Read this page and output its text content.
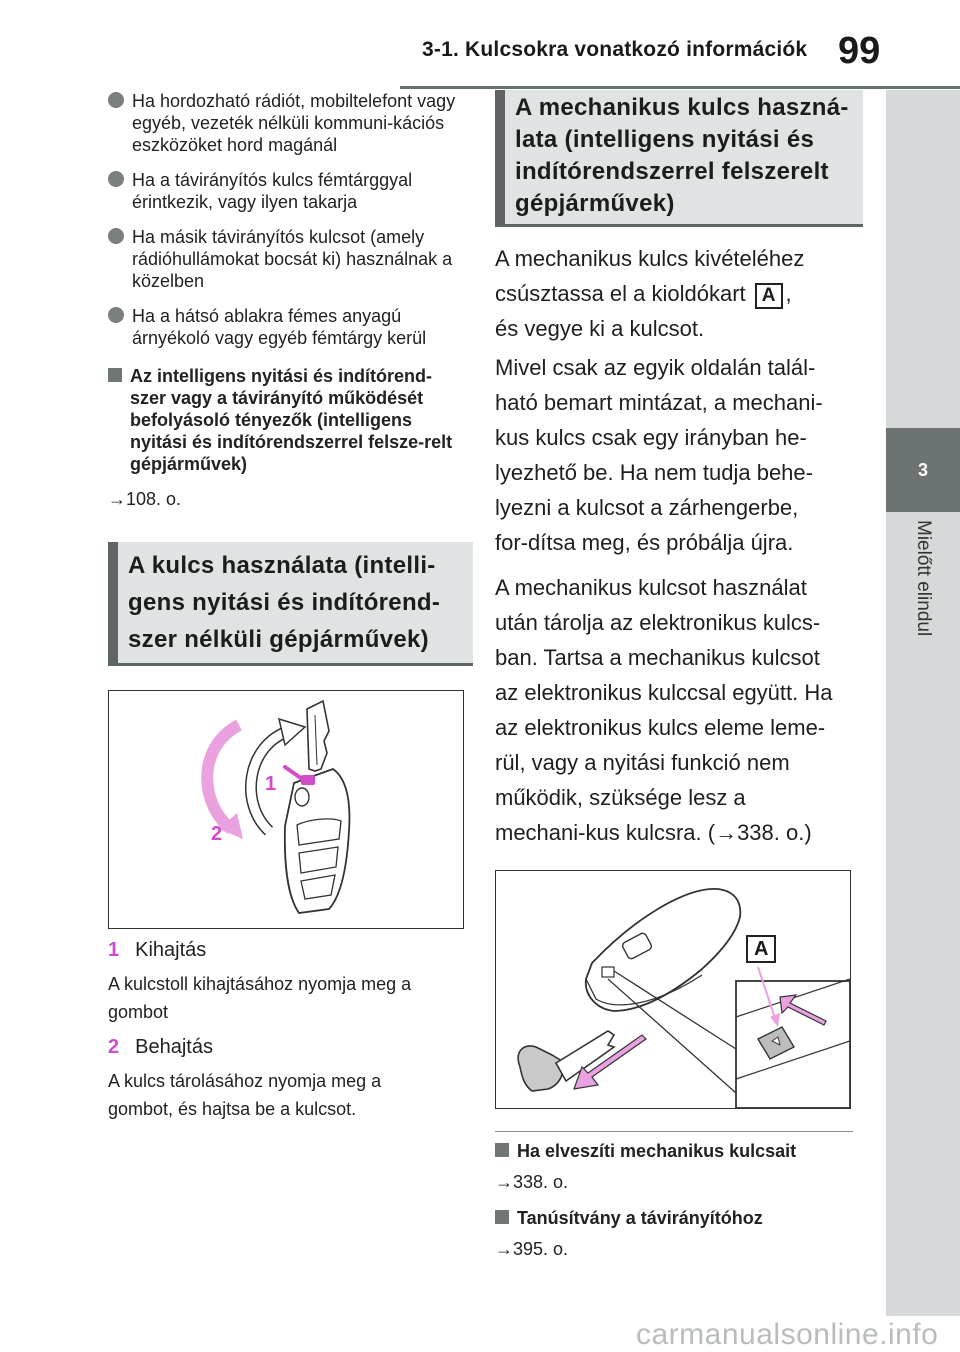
3-1. Kulcsokra vonatkozó információk 99
3
Mielőtt elindul
Ha hordozható rádiót, mobiltelefont vagy egyéb, vezeték nélküli kommuni-kációs eszközöket hord magánál
Ha a távirányítós kulcs fémtárggyal érintkezik, vagy ilyen takarja
Ha másik távirányítós kulcsot (amely rádióhullámokat bocsát ki) használnak a közelben
Ha a hátsó ablakra fémes anyagú árnyékoló vagy egyéb fémtárgy kerül
Az intelligens nyitási és indítórend-szer vagy a távirányító működését befolyásoló tényezők (intelligens nyitási és indítórendszerrel felsze-relt gépjárművek)
→108. o.
A kulcs használata (intelli-gens nyitási és indítórend-szer nélküli gépjárművek)
1
2
1 Kihajtás
A kulcstoll kihajtásához nyomja meg a gombot
2 Behajtás
A kulcs tárolásához nyomja meg a gombot, és hajtsa be a kulcsot.
A mechanikus kulcs haszná-lata (intelligens nyitási és indítórendszerrel felszerelt gépjárművek)
A mechanikus kulcs kivételéhez csúsztassa el a kioldókart A , és vegye ki a kulcsot.
Mivel csak az egyik oldalán talál-ható bemart mintázat, a mechani-kus kulcs csak egy irányban he-lyezhető be. Ha nem tudja behe-lyezni a kulcsot a zárhengerbe, for-dítsa meg, és próbálja újra.
A mechanikus kulcsot használat után tárolja az elektronikus kulcs-ban. Tartsa a mechanikus kulcsot az elektronikus kulccsal együtt. Ha az elektronikus kulcs eleme leme-rül, vagy a nyitási funkció nem működik, szüksége lesz a mechani-kus kulcsra. (→338. o.)
A
Ha elveszíti mechanikus kulcsait
→338. o.
Tanúsítvány a távirányítóhoz
→395. o.
carmanualsonline.info
